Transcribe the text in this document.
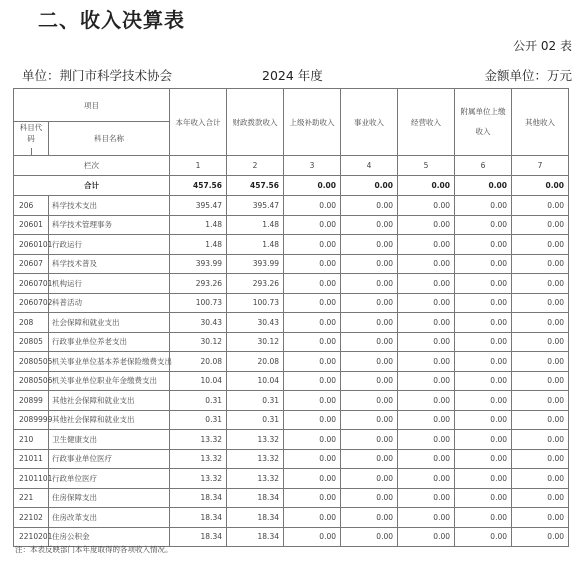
二、收入决算表
公开 02 表
单位：荆门市科学技术协会	2024 年度	金额单位：万元
项目		本年收入合计	财政拨款收入	上级补助收入	事业收入	经营收入	附属单位上缴收入	其他收入
科目代码	科目名称							
栏次		1	2	3	4	5	6	7
合计		457.56	457.56	0.00	0.00	0.00	0.00	0.00
206	科学技术支出	395.47	395.47	0.00	0.00	0.00	0.00	0.00
20601	科学技术管理事务	1.48	1.48	0.00	0.00	0.00	0.00	0.00
2060101	行政运行	1.48	1.48	0.00	0.00	0.00	0.00	0.00
20607	科学技术普及	393.99	393.99	0.00	0.00	0.00	0.00	0.00
2060701	机构运行	293.26	293.26	0.00	0.00	0.00	0.00	0.00
2060702	科普活动	100.73	100.73	0.00	0.00	0.00	0.00	0.00
208	社会保障和就业支出	30.43	30.43	0.00	0.00	0.00	0.00	0.00
20805	行政事业单位养老支出	30.12	30.12	0.00	0.00	0.00	0.00	0.00
2080505	机关事业单位基本养老保险缴费支出	20.08	20.08	0.00	0.00	0.00	0.00	0.00
2080506	机关事业单位职业年金缴费支出	10.04	10.04	0.00	0.00	0.00	0.00	0.00
20899	其他社会保障和就业支出	0.31	0.31	0.00	0.00	0.00	0.00	0.00
2089999	其他社会保障和就业支出	0.31	0.31	0.00	0.00	0.00	0.00	0.00
210	卫生健康支出	13.32	13.32	0.00	0.00	0.00	0.00	0.00
21011	行政事业单位医疗	13.32	13.32	0.00	0.00	0.00	0.00	0.00
2101101	行政单位医疗	13.32	13.32	0.00	0.00	0.00	0.00	0.00
221	住房保障支出	18.34	18.34	0.00	0.00	0.00	0.00	0.00
22102	住房改革支出	18.34	18.34	0.00	0.00	0.00	0.00	0.00
2210201	住房公积金	18.34	18.34	0.00	0.00	0.00	0.00	0.00
注：本表反映部门本年度取得的各项收入情况。
